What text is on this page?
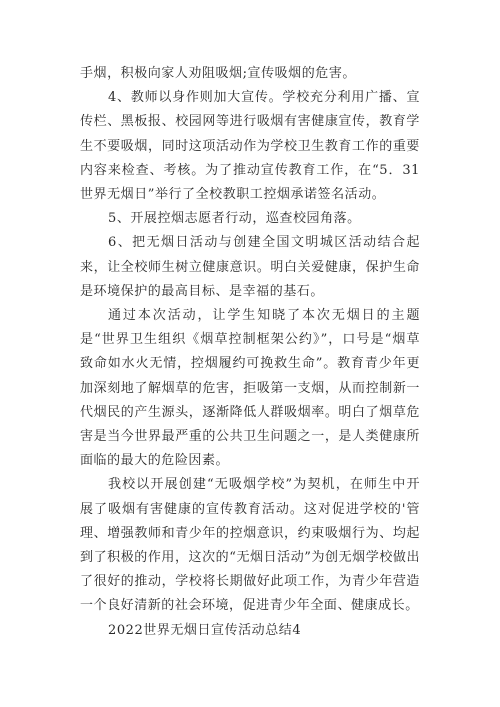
手烟，积极向家人劝阻吸烟;宣传吸烟的危害。

4、教师以身作则加大宣传。学校充分利用广播、宣传栏、黑板报、校园网等进行吸烟有害健康宣传，教育学生不要吸烟，同时这项活动作为学校卫生教育工作的重要内容来检查、考核。为了推动宣传教育工作，在“5．31世界无烟日”举行了全校教职工控烟承诺签名活动。

5、开展控烟志愿者行动，巡查校园角落。

6、把无烟日活动与创建全国文明城区活动结合起来，让全校师生树立健康意识。明白关爱健康，保护生命是环境保护的最高目标、是幸福的基石。

通过本次活动，让学生知晓了本次无烟日的主题是“世界卫生组织《烟草控制框架公约》”，口号是“烟草致命如水火无情，控烟履约可挽救生命”。教育青少年更加深刻地了解烟草的危害，拒吸第一支烟，从而控制新一代烟民的产生源头，逐渐降低人群吸烟率。明白了烟草危害是当今世界最严重的公共卫生问题之一，是人类健康所面临的最大的危险因素。

我校以开展创建“无吸烟学校”为契机，在师生中开展了吸烟有害健康的宣传教育活动。这对促进学校的'管理、增强教师和青少年的控烟意识，约束吸烟行为、均起到了积极的作用，这次的“无烟日活动”为创无烟学校做出了很好的推动，学校将长期做好此项工作，为青少年营造一个良好清新的社会环境，促进青少年全面、健康成长。

2022世界无烟日宣传活动总结4
